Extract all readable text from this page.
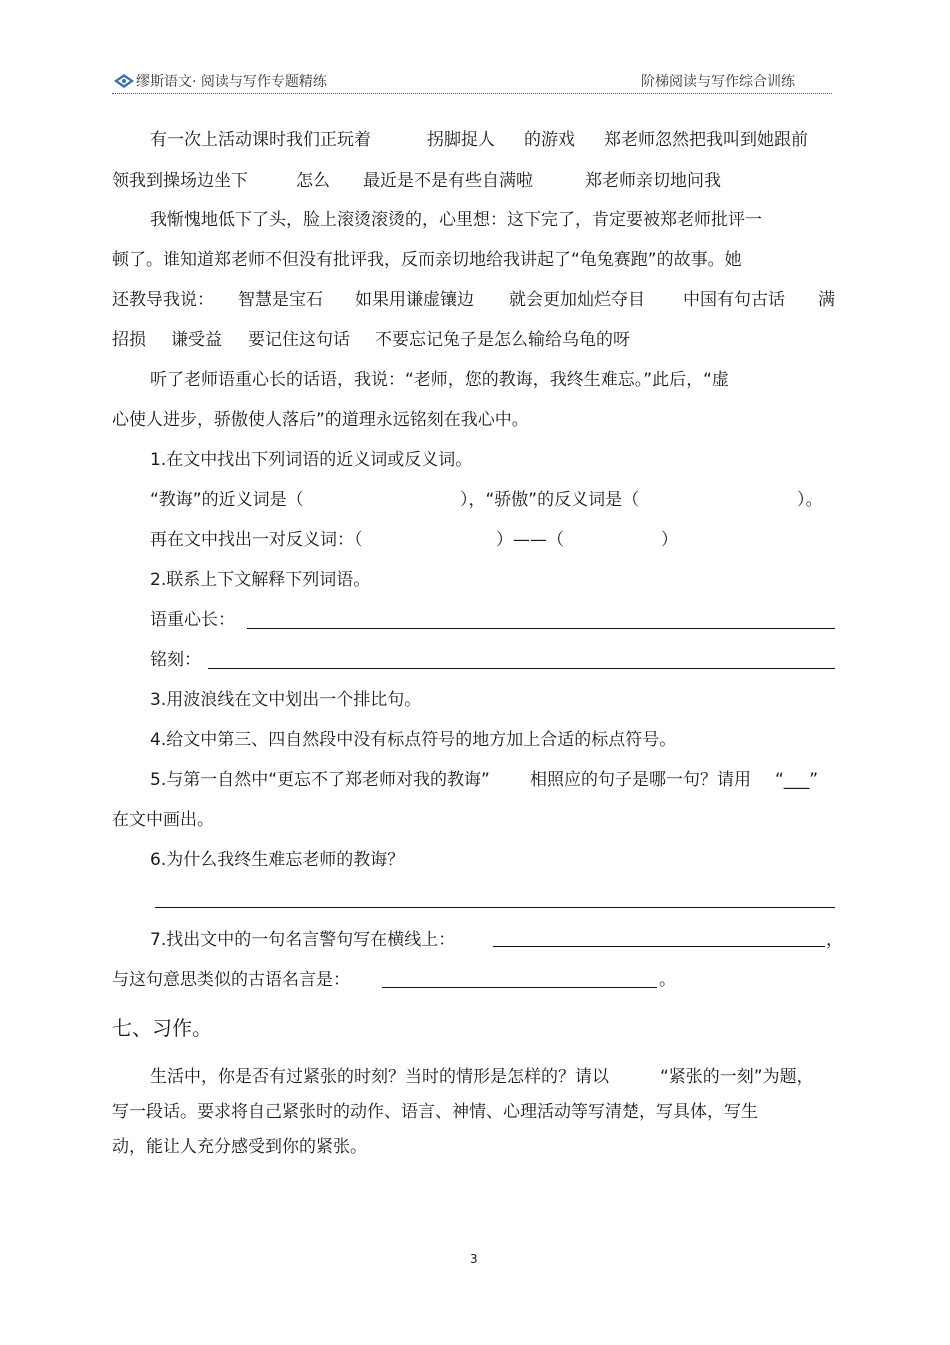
缪斯语文· 阅读与写作专题精练	阶梯阅读与写作综合训练
有一次上活动课时我们正玩着	拐脚捉人 的游戏 郑老师忽然把我叫到她跟前
领我到操场边坐下	怎么 最近是不是有些自满啦	郑老师亲切地问我
我惭愧地低下了头，脸上滚烫滚烫的，心里想：这下完了，肯定要被郑老师批评一
顿了。谁知道郑老师不但没有批评我，反而亲切地给我讲起了“龟兔赛跑”的故事。她
还教导我说： 智慧是宝石 如果用谦虚镶边 就会更加灿烂夺目 中国有句古话 满
招损 谦受益 要记住这句话 不要忘记兔子是怎么输给乌龟的呀
听了老师语重心长的话语，我说：“老师，您的教诲，我终生难忘。”此后，“虚
心使人进步，骄傲使人落后”的道理永远铭刻在我心中。
1.在文中找出下列词语的近义词或反义词。
“教诲”的近义词是（	），“骄傲”的反义词是（	）。
再在文中找出一对反义词：（	）——（	）
2.联系上下文解释下列词语。
语重心长：
铭刻：
3.用波浪线在文中划出一个排比句。
4.给文中第三、四自然段中没有标点符号的地方加上合适的标点符号。
5.与第一自然中“更忘不了郑老师对我的教诲” 相照应的句子是哪一句？请用 “___”
在文中画出。
6.为什么我终生难忘老师的教诲？
7.找出文中的一句名言警句写在横线上：	，
与这句意思类似的古语名言是：	。
七、习作。
生活中，你是否有过紧张的时刻？当时的情形是怎样的？请以	“紧张的一刻”为题，
写一段话。要求将自己紧张时的动作、语言、神情、心理活动等写清楚，写具体，写生
动，能让人充分感受到你的紧张。
3
